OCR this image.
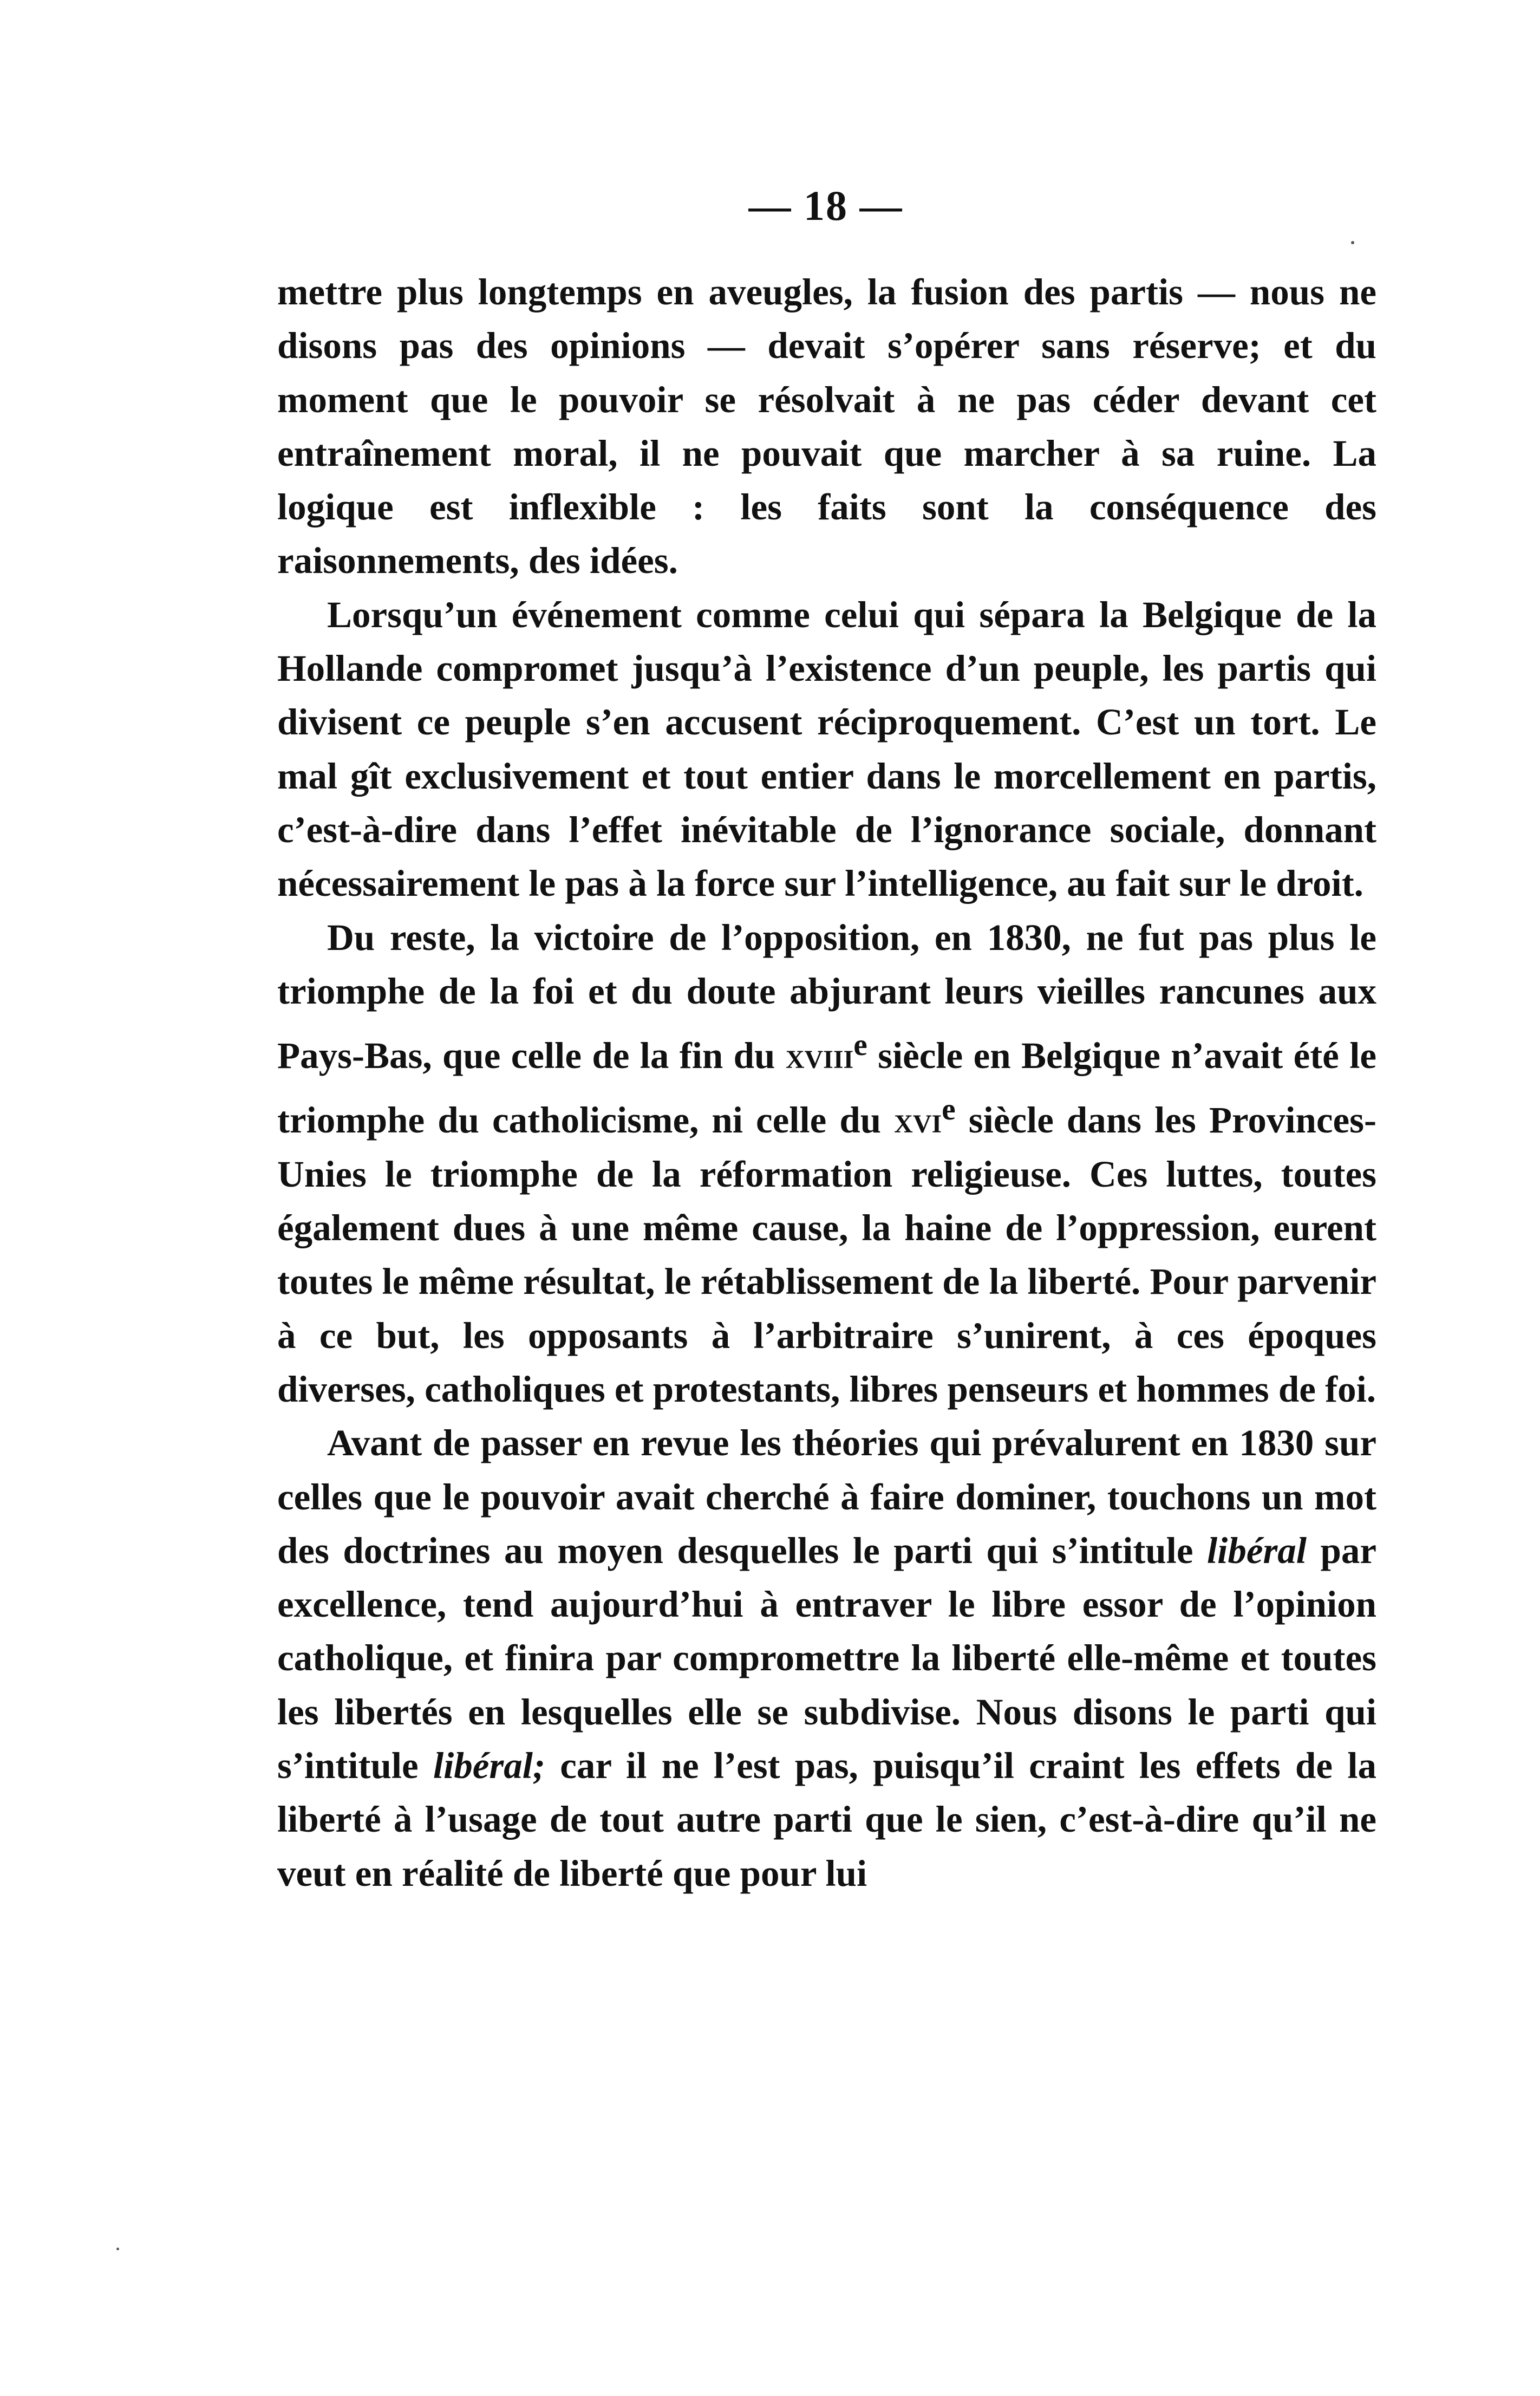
— 18 —

mettre plus longtemps en aveugles, la fusion des partis — nous ne disons pas des opinions — devait s’opérer sans réserve; et du moment que le pouvoir se résolvait à ne pas céder devant cet entraînement moral, il ne pouvait que marcher à sa ruine. La logique est inflexible : les faits sont la conséquence des raisonnements, des idées.

Lorsqu’un événement comme celui qui sépara la Belgique de la Hollande compromet jusqu’à l’existence d’un peuple, les partis qui divisent ce peuple s’en accusent réciproquement. C’est un tort. Le mal gît exclusivement et tout entier dans le morcellement en partis, c’est-à-dire dans l’effet inévitable de l’ignorance sociale, donnant nécessairement le pas à la force sur l’intelligence, au fait sur le droit.

Du reste, la victoire de l’opposition, en 1830, ne fut pas plus le triomphe de la foi et du doute abjurant leurs vieilles rancunes aux Pays-Bas, que celle de la fin du xviii$^e$ siècle en Belgique n’avait été le triomphe du catholicisme, ni celle du xvi$^e$ siècle dans les Provinces-Unies le triomphe de la réformation religieuse. Ces luttes, toutes également dues à une même cause, la haine de l’oppression, eurent toutes le même résultat, le rétablissement de la liberté. Pour parvenir à ce but, les opposants à l’arbitraire s’unirent, à ces époques diverses, catholiques et protestants, libres penseurs et hommes de foi.

Avant de passer en revue les théories qui prévalurent en 1830 sur celles que le pouvoir avait cherché à faire dominer, touchons un mot des doctrines au moyen desquelles le parti qui s’intitule libéral par excellence, tend aujourd’hui à entraver le libre essor de l’opinion catholique, et finira par compromettre la liberté elle-même et toutes les libertés en lesquelles elle se subdivise. Nous disons le parti qui s’intitule libéral; car il ne l’est pas, puisqu’il craint les effets de la liberté à l’usage de tout autre parti que le sien, c’est-à-dire qu’il ne veut en réalité de liberté que pour lui
